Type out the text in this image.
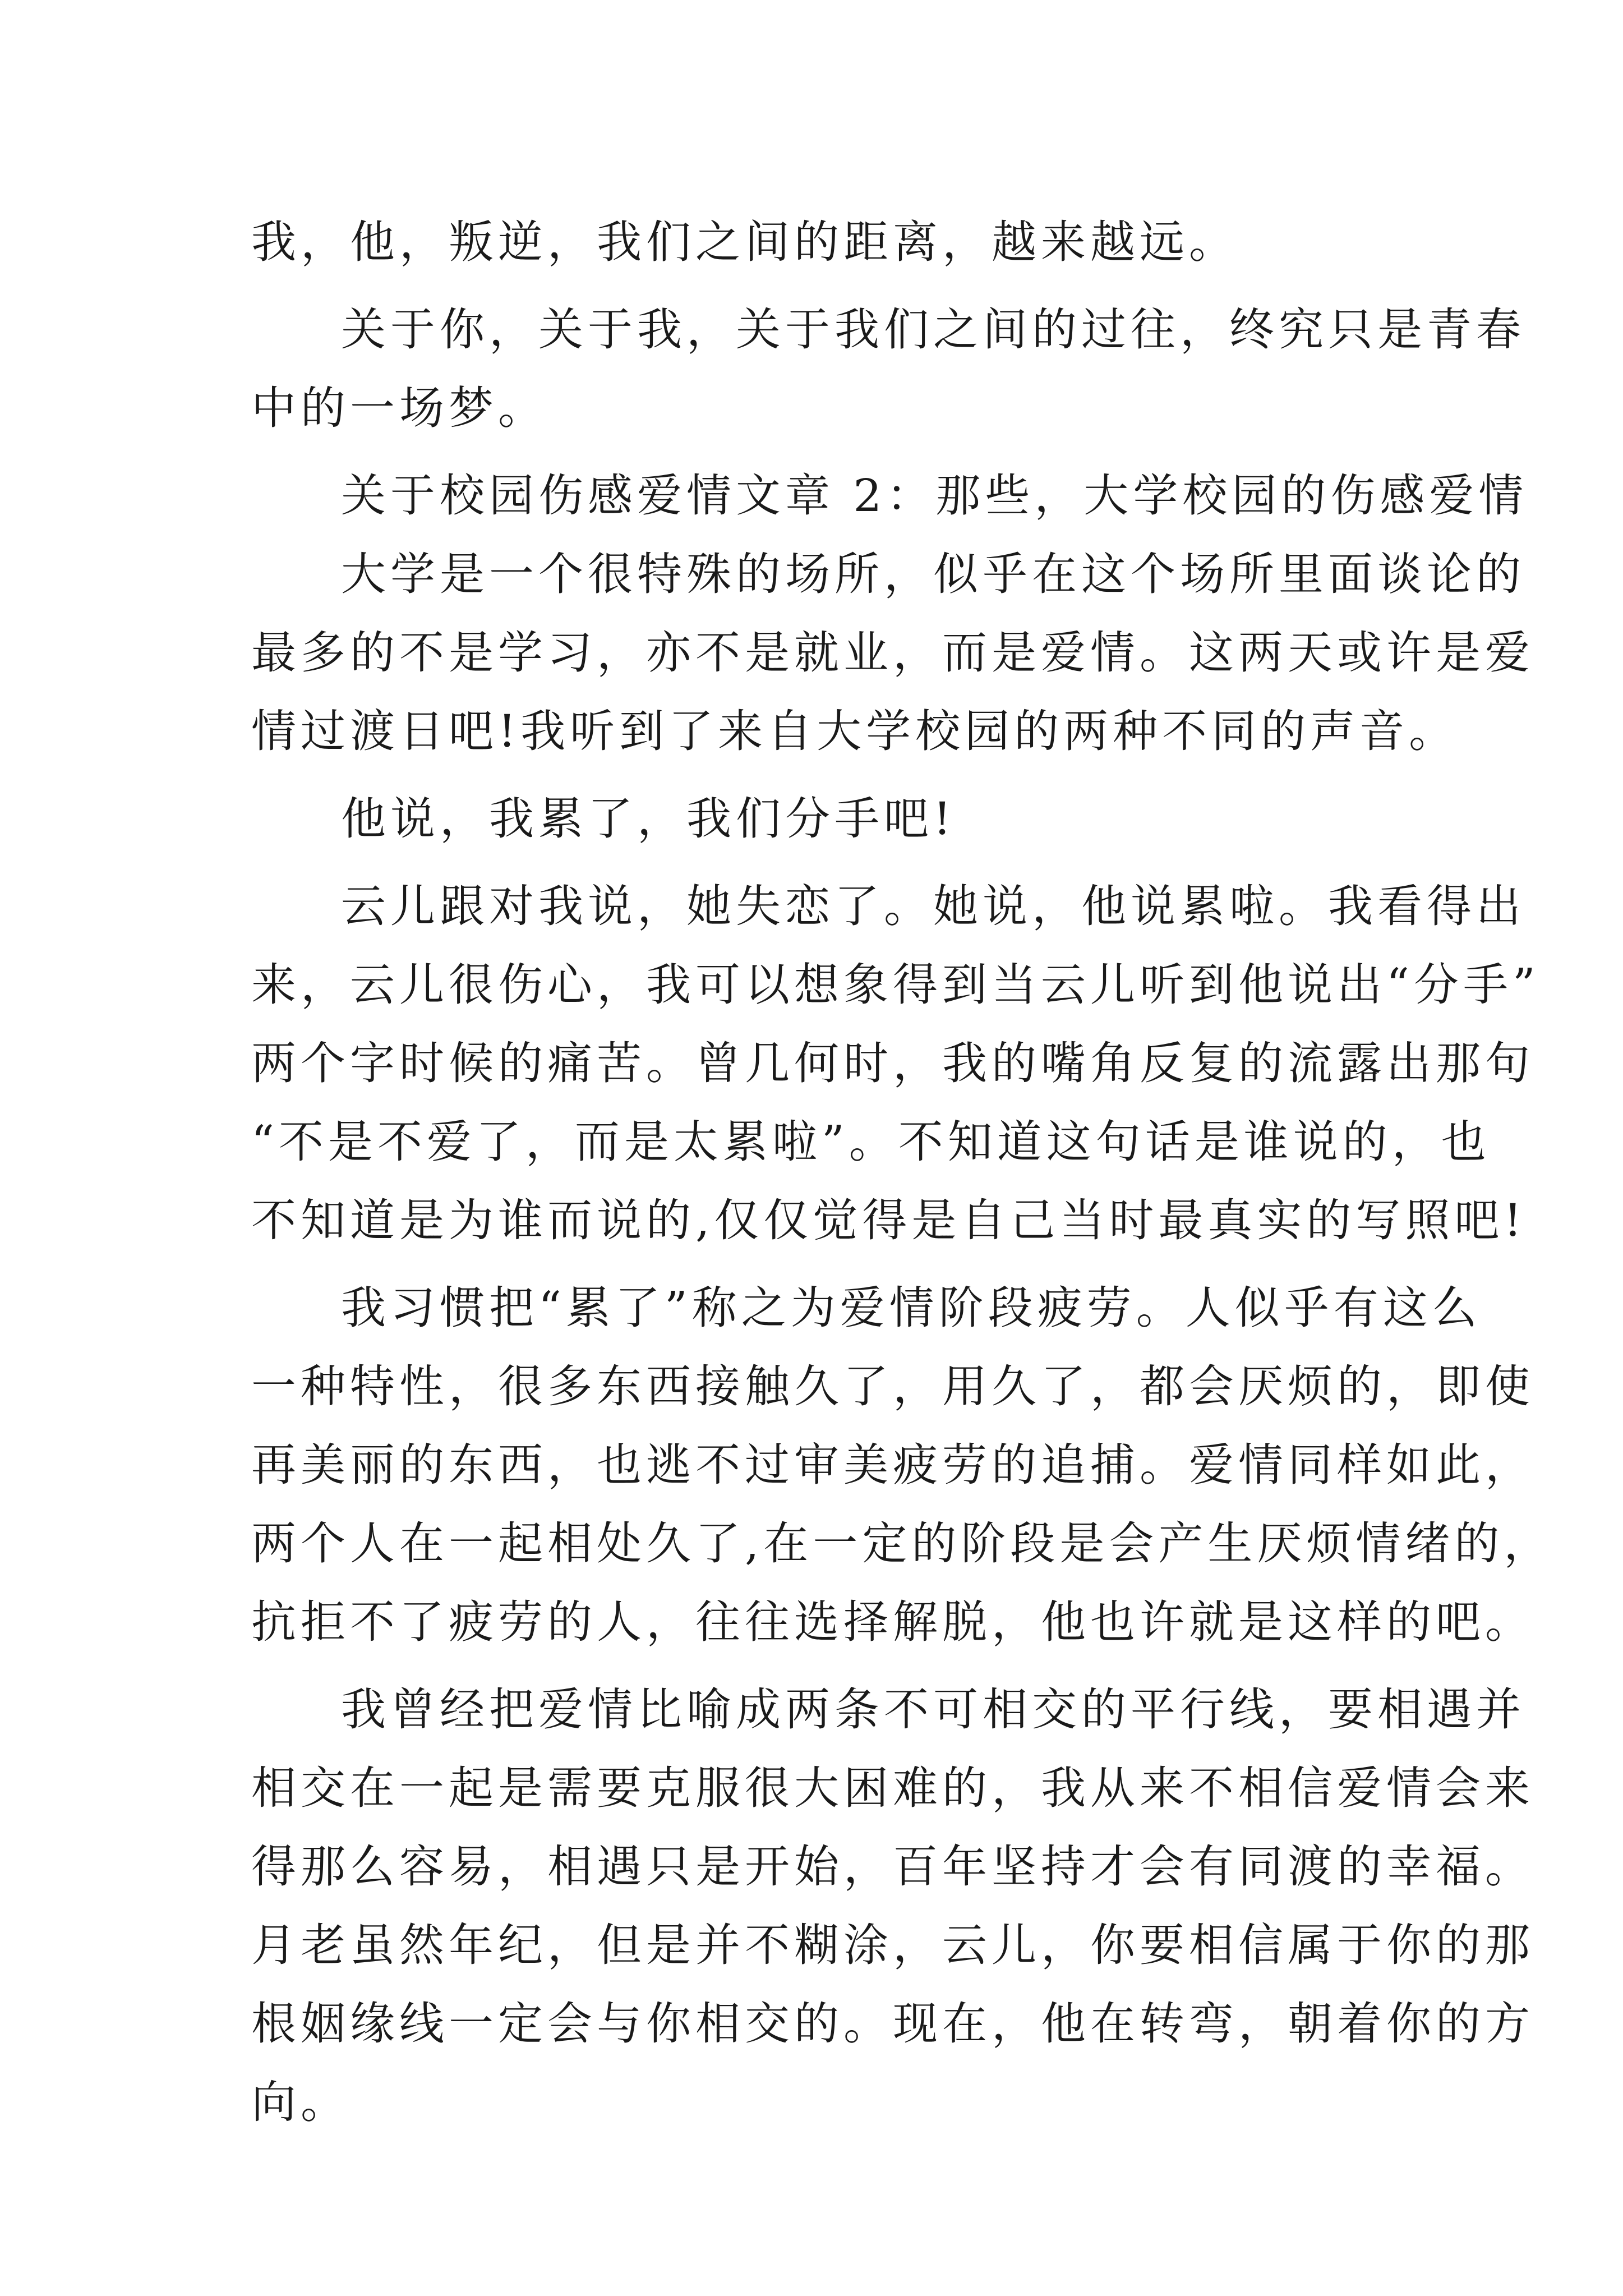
我，他，叛逆，我们之间的距离，越来越远。
关于你，关于我，关于我们之间的过往，终究只是青春
中的一场梦。
关于校园伤感爱情文章 2：那些，大学校园的伤感爱情
大学是一个很特殊的场所，似乎在这个场所里面谈论的
最多的不是学习，亦不是就业，而是爱情。这两天或许是爱
情过渡日吧!我听到了来自大学校园的两种不同的声音。
他说，我累了，我们分手吧!
云儿跟对我说，她失恋了。她说，他说累啦。我看得出
来，云儿很伤心，我可以想象得到当云儿听到他说出“分手”
两个字时候的痛苦。曾几何时，我的嘴角反复的流露出那句
“不是不爱了，而是太累啦”。不知道这句话是谁说的，也
不知道是为谁而说的,仅仅觉得是自己当时最真实的写照吧!
我习惯把“累了”称之为爱情阶段疲劳。人似乎有这么
一种特性，很多东西接触久了，用久了，都会厌烦的，即使
再美丽的东西，也逃不过审美疲劳的追捕。爱情同样如此，
两个人在一起相处久了,在一定的阶段是会产生厌烦情绪的，
抗拒不了疲劳的人，往往选择解脱，他也许就是这样的吧。
我曾经把爱情比喻成两条不可相交的平行线，要相遇并
相交在一起是需要克服很大困难的，我从来不相信爱情会来
得那么容易，相遇只是开始，百年坚持才会有同渡的幸福。
月老虽然年纪，但是并不糊涂，云儿，你要相信属于你的那
根姻缘线一定会与你相交的。现在，他在转弯，朝着你的方
向。
